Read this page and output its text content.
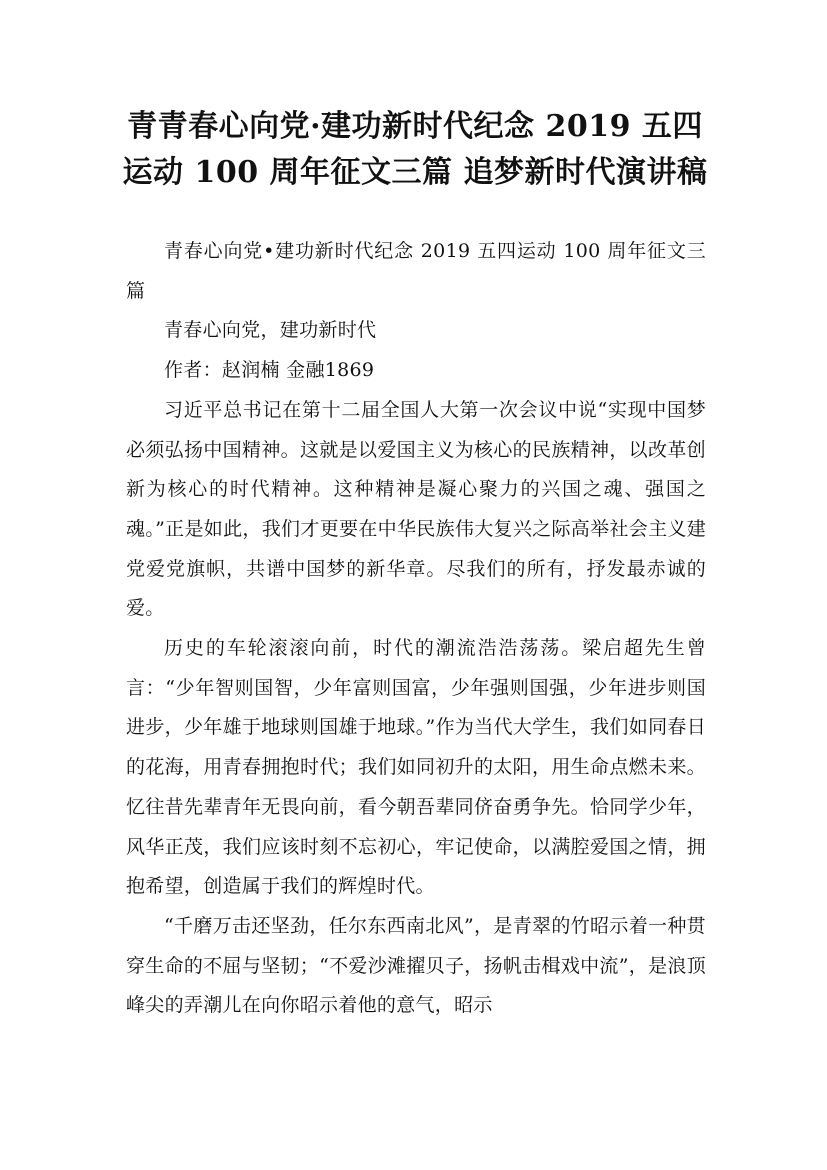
青青春心向党·建功新时代纪念 2019 五四
运动 100 周年征文三篇 追梦新时代演讲稿

青春心向党•建功新时代纪念 2019 五四运动 100 周年征文三篇

青春心向党，建功新时代

作者：赵润楠 金融1869

习近平总书记在第十二届全国人大第一次会议中说“实现中国梦必须弘扬中国精神。这就是以爱国主义为核心的民族精神，以改革创新为核心的时代精神。这种精神是凝心聚力的兴国之魂、强国之魂。”正是如此，我们才更要在中华民族伟大复兴之际高举社会主义建党爱党旗帜，共谱中国梦的新华章。尽我们的所有，抒发最赤诚的爱。

历史的车轮滚滚向前，时代的潮流浩浩荡荡。梁启超先生曾言：“少年智则国智，少年富则国富，少年强则国强，少年进步则国进步，少年雄于地球则国雄于地球。”作为当代大学生，我们如同春日的花海，用青春拥抱时代；我们如同初升的太阳，用生命点燃未来。忆往昔先辈青年无畏向前，看今朝吾辈同侪奋勇争先。恰同学少年，风华正茂，我们应该时刻不忘初心，牢记使命，以满腔爱国之情，拥抱希望，创造属于我们的辉煌时代。

“千磨万击还坚劲，任尔东西南北风”，是青翠的竹昭示着一种贯穿生命的不屈与坚韧；“不爱沙滩擢贝子，扬帆击楫戏中流”，是浪顶峰尖的弄潮儿在向你昭示着他的意气，昭示
